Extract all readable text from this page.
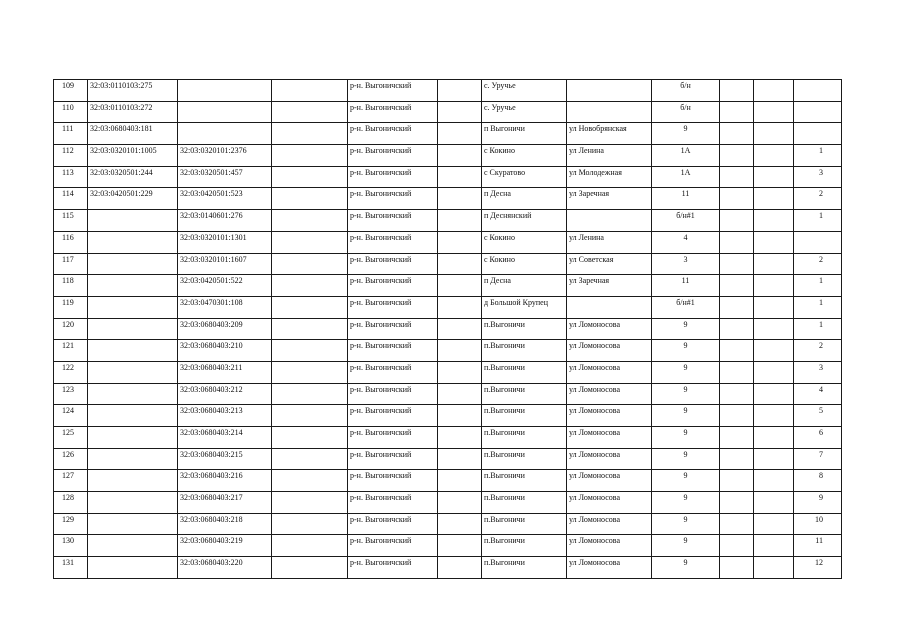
109	32:03:0110103:275			р-н. Выгоничский		с. Уручье		б/н			

110	32:03:0110103:272			р-н. Выгоничский		с. Уручье		б/н			

111	32:03:0680403:181			р-н. Выгоничский		п Выгоничи	ул Новобрянская	9			

112	32:03:0320101:1005	32:03:0320101:2376		р-н. Выгоничский		с Кокино	ул Ленина	1А			1

113	32:03:0320501:244	32:03:0320501:457		р-н. Выгоничский		с Скуратово	ул Молодежная	1А			3

114	32:03:0420501:229	32:03:0420501:523		р-н. Выгоничский		п Десна	ул Заречная	11			2

115		32:03:0140601:276		р-н. Выгоничский		п Деснянский		б/н#1			1

116		32:03:0320101:1301		р-н. Выгоничский		с Кокино	ул Ленина	4			

117		32:03:0320101:1607		р-н. Выгоничский		с Кокино	ул Советская	3			2

118		32:03:0420501:522		р-н. Выгоничский		п Десна	ул Заречная	11			1

119		32:03:0470301:108		р-н. Выгоничский		д Большой Крупец		б/н#1			1

120		32:03:0680403:209		р-н. Выгоничский		п.Выгоничи	ул Ломоносова	9			1

121		32:03:0680403:210		р-н. Выгоничский		п.Выгоничи	ул Ломоносова	9			2

122		32:03:0680403:211		р-н. Выгоничский		п.Выгоничи	ул Ломоносова	9			3

123		32:03:0680403:212		р-н. Выгоничский		п.Выгоничи	ул Ломоносова	9			4

124		32:03:0680403:213		р-н. Выгоничский		п.Выгоничи	ул Ломоносова	9			5

125		32:03:0680403:214		р-н. Выгоничский		п.Выгоничи	ул Ломоносова	9			6

126		32:03:0680403:215		р-н. Выгоничский		п.Выгоничи	ул Ломоносова	9			7

127		32:03:0680403:216		р-н. Выгоничский		п.Выгоничи	ул Ломоносова	9			8

128		32:03:0680403:217		р-н. Выгоничский		п.Выгоничи	ул Ломоносова	9			9

129		32:03:0680403:218		р-н. Выгоничский		п.Выгоничи	ул Ломоносова	9			10

130		32:03:0680403:219		р-н. Выгоничский		п.Выгоничи	ул Ломоносова	9			11

131		32:03:0680403:220		р-н. Выгоничский		п.Выгоничи	ул Ломоносова	9			12
